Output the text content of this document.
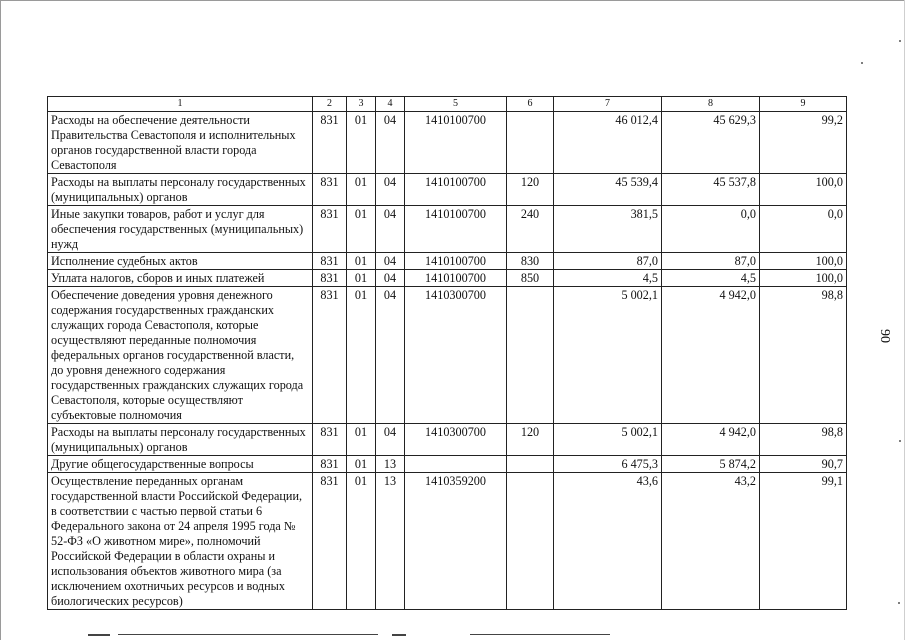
1	2	3	4	5	6	7	8	9
Расходы на обеспечение деятельности Правительства Севастополя и исполнительных органов государственной власти города Севастополя	831	01	04	1410100700		46 012,4	45 629,3	99,2
Расходы на выплаты персоналу государственных (муниципальных) органов	831	01	04	1410100700	120	45 539,4	45 537,8	100,0
Иные закупки товаров, работ и услуг для обеспечения государственных (муниципальных) нужд	831	01	04	1410100700	240	381,5	0,0	0,0
Исполнение судебных актов	831	01	04	1410100700	830	87,0	87,0	100,0
Уплата налогов, сборов и иных платежей	831	01	04	1410100700	850	4,5	4,5	100,0
Обеспечение доведения уровня денежного содержания государственных гражданских служащих города Севастополя, которые осуществляют переданные полномочия федеральных органов государственной власти, до уровня денежного содержания государственных гражданских служащих города Севастополя, которые осуществляют субъектовые полномочия	831	01	04	1410300700		5 002,1	4 942,0	98,8
Расходы на выплаты персоналу государственных (муниципальных) органов	831	01	04	1410300700	120	5 002,1	4 942,0	98,8
Другие общегосударственные вопросы	831	01	13			6 475,3	5 874,2	90,7
Осуществление переданных органам государственной власти Российской Федерации, в соответствии с частью первой статьи 6 Федерального закона от 24 апреля 1995 года № 52-ФЗ «О животном мире», полномочий Российской Федерации в области охраны и использования объектов животного мира (за исключением охотничьих ресурсов и водных биологических ресурсов)	831	01	13	1410359200		43,6	43,2	99,1
90
